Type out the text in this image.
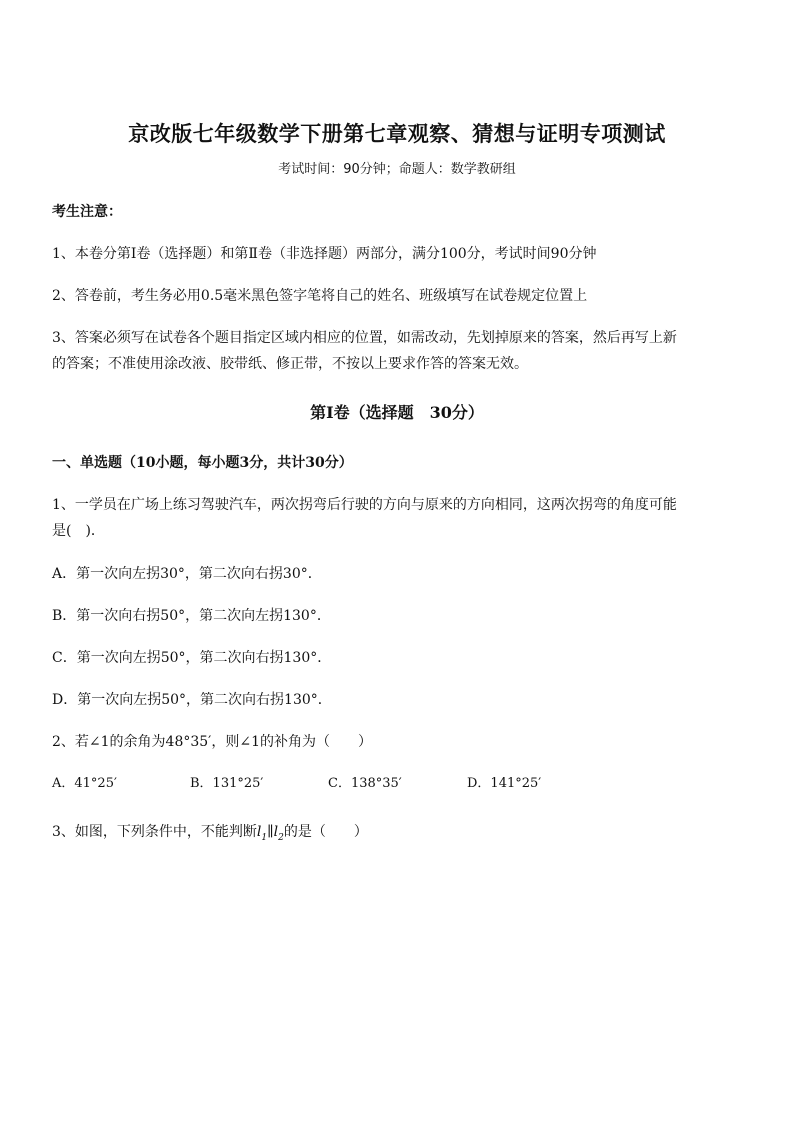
京改版七年级数学下册第七章观察、猜想与证明专项测试
考试时间：90分钟；命题人：数学教研组
考生注意：
1、本卷分第Ⅰ卷（选择题）和第Ⅱ卷（非选择题）两部分，满分100分，考试时间90分钟
2、答卷前，考生务必用0.5毫米黑色签字笔将自己的姓名、班级填写在试卷规定位置上
3、答案必须写在试卷各个题目指定区域内相应的位置，如需改动，先划掉原来的答案，然后再写上新
的答案；不准使用涂改液、胶带纸、修正带，不按以上要求作答的答案无效。
第Ⅰ卷（选择题　30分）
一、单选题（10小题，每小题3分，共计30分）
1、一学员在广场上练习驾驶汽车，两次拐弯后行驶的方向与原来的方向相同，这两次拐弯的角度可能
是(　)．
A．第一次向左拐30°，第二次向右拐30°．
B．第一次向右拐50°，第二次向左拐130°．
C．第一次向左拐50°，第二次向右拐130°．
D．第一次向左拐50°，第二次向右拐130°．
2、若∠1的余角为48°35′，则∠1的补角为（　　）
A．41°25′	B．131°25′	C．138°35′	D．141°25′
3、如图，下列条件中，不能判断$l_1\parallel l_2$的是（　　）
